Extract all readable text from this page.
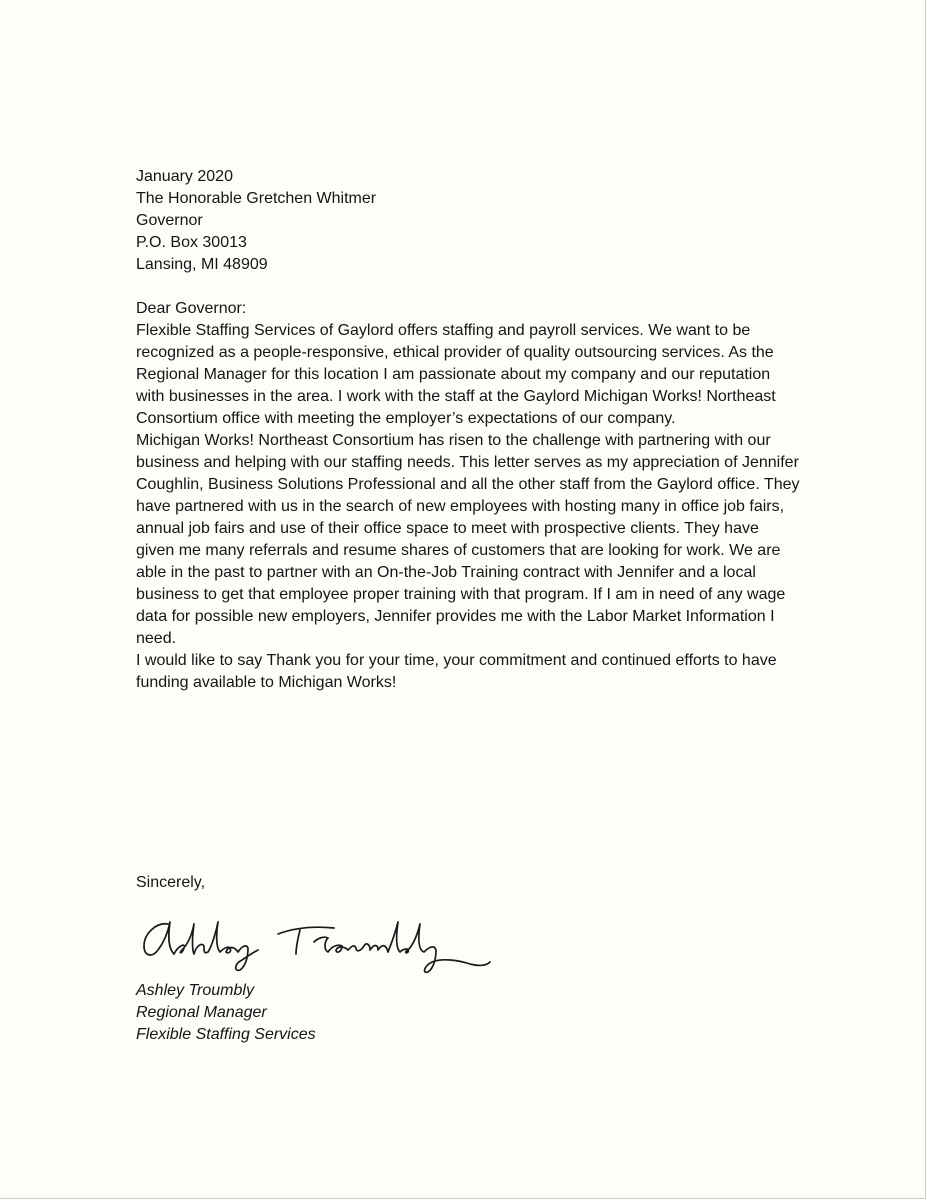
January 2020

The Honorable Gretchen Whitmer
Governor
P.O. Box 30013
Lansing, MI 48909

Dear Governor:

Flexible Staffing Services of Gaylord offers staffing and payroll services. We want to be recognized as a people-responsive, ethical provider of quality outsourcing services. As the Regional Manager for this location I am passionate about my company and our reputation with businesses in the area. I work with the staff at the Gaylord Michigan Works! Northeast Consortium office with meeting the employer’s expectations of our company.

Michigan Works! Northeast Consortium has risen to the challenge with partnering with our business and helping with our staffing needs. This letter serves as my appreciation of Jennifer Coughlin, Business Solutions Professional and all the other staff from the Gaylord office. They have partnered with us in the search of new employees with hosting many in office job fairs, annual job fairs and use of their office space to meet with prospective clients. They have given me many referrals and resume shares of customers that are looking for work. We are able in the past to partner with an On-the-Job Training contract with Jennifer and a local business to get that employee proper training with that program. If I am in need of any wage data for possible new employers, Jennifer provides me with the Labor Market Information I need.

I would like to say Thank you for your time, your commitment and continued efforts to have funding available to Michigan Works!

Sincerely,
Ashley Troumbly
Regional Manager
Flexible Staffing Services
